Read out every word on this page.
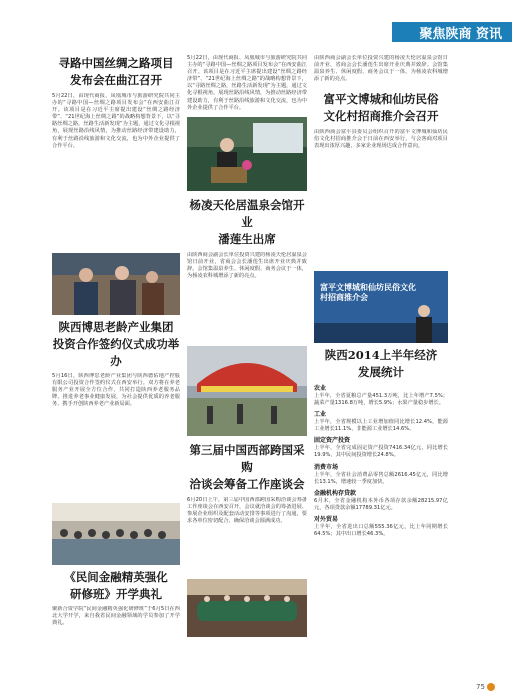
聚焦陕商 资讯
寻路中国丝绸之路项目
发布会在曲江召开

5月22日，由现代商报、凤凰城市与旅游研究院共同主办的“寻路中国—丝绸之路项目发布会”在西安曲江召开。该项目是在习近平主席提出建设“丝绸之路经济带”、“21世纪海上丝绸之路”的战略构想背景下，以“寻路丝绸之路，丝路生活新发现”为主题，通过文化寻根视角，展现丝路沿线风情，为推动丝路经济带建设助力，有利于丝路沿线旅游和文化交流，也为中外企业提供了合作平台。

陕西博思老龄产业集团
投资合作签约仪式成功举办

5月16日，陕西博思老龄产业集团与陕西德佑地产控股有限公司投资合作签约仪式在西安举行。双方将在养老服务产业开展全方位合作，共同打造陕西养老服务品牌，推进养老事业健康发展，为社会提供优质的养老服务，携手开创陕西养老产业新局面。

《民间金融精英强化
研修班》开学典礼

聚新合资学院“民间金融精英强化研修班”于6月5日在西北大学开学，来自我省民间金融领域的学员参加了开学典礼。

5月22日，由现代商报、凤凰城市与旅游研究院共同主办的“寻路中国—丝绸之路项目发布会”在西安曲江召开。该项目是在习近平主席提出建设“丝绸之路经济带”、“21世纪海上丝绸之路”的战略构想背景下，以“寻路丝绸之路，丝路生活新发现”为主题，通过文化寻根视角，展现丝路沿线风情，为推动丝路经济带建设助力，有利于丝路沿线旅游和文化交流，也为中外企业提供了合作平台。

杨凌天伦居温泉会馆开业
潘莲生出席

由陕西商会副会长单位投资兴建的杨凌天伦居温泉会馆日前开业，省商会会长潘莲生出席开业庆典并致辞。会馆集温泉养生、休闲度假、商务会议于一体，为杨凌农科城增添了新的亮点。

第三届中国西部跨国采购
洽谈会筹备工作座谈会

6月20日上午，第三届中国西部跨国采购洽谈会筹备工作座谈会在西安召开，会议就洽谈会的筹备进展、参展企业组织及配套活动安排等事项进行了沟通，要求各单位密切配合，确保洽谈会圆满成功。

由陕西商会副会长单位投资兴建的杨凌天伦居温泉会馆日前开业，省商会会长潘莲生出席开业庆典并致辞。会馆集温泉养生、休闲度假、商务会议于一体，为杨凌农科城增添了新的亮点。

富平文博城和仙坊民俗
文化村招商推介会召开

由陕西商会富平县委员会组织召开的富平文博城和仙坊民俗文化村招商推介会于日前在西安举行，与会客商对项目表现出浓厚兴趣，多家企业现场达成合作意向。

富平文博城和仙坊民俗文化村招商推介会
陕西2014上半年经济
发展统计
农业

上半年，全省夏粮总产量451.3万吨，比上年增产7.5%；蔬菜产量1316.8万吨，增长5.9%；水果产量稳步增长。

工业

上半年，全省规模以上工业增加值同比增长12.4%，能源工业增长11.1%，非能源工业增长14.6%。

固定资产投资

上半年，全省完成固定资产投资7416.34亿元，同比增长19.9%，其中民间投资增长24.8%。

消费市场

上半年，全省社会消费品零售总额2616.45亿元，同比增长13.1%，增速较一季度加快。

金融机构存贷款

6月末，全省金融机构本外币各项存款余额28215.97亿元，各项贷款余额17789.31亿元。

对外贸易

上半年，全省进出口总额555.36亿元，比上年同期增长64.5%；其中出口增长46.3%。

75
